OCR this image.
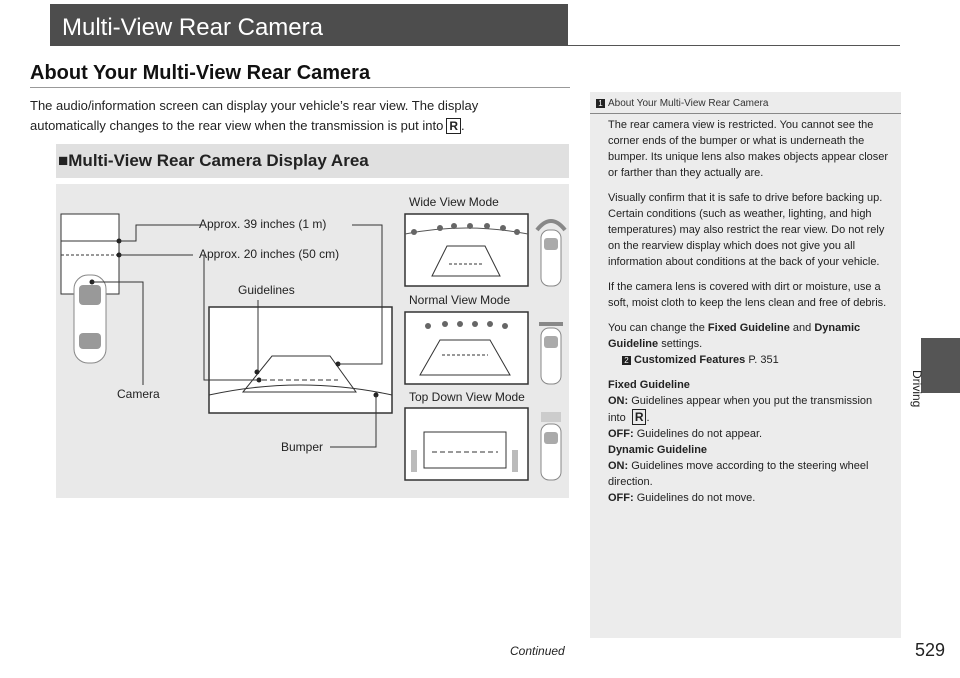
Multi-View Rear Camera
About Your Multi-View Rear Camera
The audio/information screen can display your vehicle’s rear view. The display
automatically changes to the rear view when the transmission is put into R .
■Multi-View Rear Camera Display Area
Approx. 39 inches (1 m)
Approx. 20 inches (50 cm)
Guidelines
Camera
Bumper
Wide View Mode
Normal View Mode
Top Down View Mode
1 About Your Multi-View Rear Camera

The rear camera view is restricted. You cannot see the corner ends of the bumper or what is underneath the bumper. Its unique lens also makes objects appear closer or farther than they actually are.

Visually confirm that it is safe to drive before backing up. Certain conditions (such as weather, lighting, and high temperatures) may also restrict the rear view. Do not rely on the rearview display which does not give you all information about conditions at the back of your vehicle.

If the camera lens is covered with dirt or moisture, use a soft, moist cloth to keep the lens clean and free of debris.

You can change the Fixed Guideline and Dynamic Guideline settings.
2 Customized Features P. 351

Fixed Guideline
ON: Guidelines appear when you put the transmission into R .
OFF: Guidelines do not appear.
Dynamic Guideline
ON: Guidelines move according to the steering wheel direction.
OFF: Guidelines do not move.
Driving
Continued	529
